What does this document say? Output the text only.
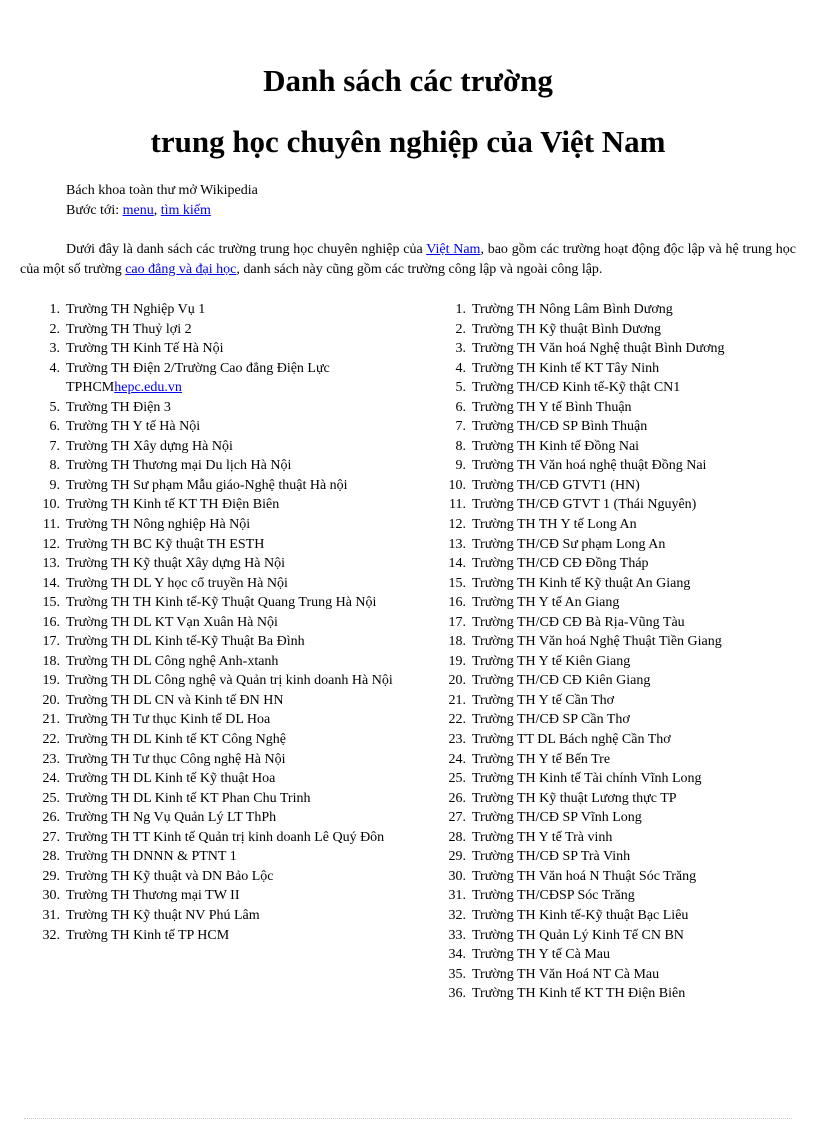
Danh sách các trường
trung học chuyên nghiệp của Việt Nam
Bách khoa toàn thư mở Wikipedia
Bước tới: menu, tìm kiếm

Dưới đây là danh sách các trường trung học chuyên nghiệp của Việt Nam, bao gồm các trường hoạt động độc lập và hệ trung học của một số trường cao đẳng và đại học, danh sách này cũng gồm các trường công lập và ngoài công lập.

1. Trường TH Nghiệp Vụ 1
2. Trường TH Thuỷ lợi 2
3. Trường TH Kinh Tế Hà Nội
4. Trường TH Điện 2/Trường Cao đẳng Điện Lực TPHCMhepc.edu.vn
5. Trường TH Điện 3
6. Trường TH Y tế Hà Nội
7. Trường TH Xây dựng Hà Nội
8. Trường TH Thương mại Du lịch Hà Nội
9. Trường TH Sư phạm Mẫu giáo-Nghệ thuật Hà nội
10. Trường TH Kinh tế KT TH Điện Biên
11. Trường TH Nông nghiệp Hà Nội
12. Trường TH BC Kỹ thuật TH ESTH
13. Trường TH Kỹ thuật Xây dựng Hà Nội
14. Trường TH DL Y học cổ truyền Hà Nội
15. Trường TH TH Kinh tế-Kỹ Thuật Quang Trung Hà Nội
16. Trường TH DL KT Vạn Xuân Hà Nội
17. Trường TH DL Kinh tế-Kỹ Thuật Ba Đình
18. Trường TH DL Công nghệ Anh-xtanh
19. Trường TH DL Công nghệ và Quản trị kinh doanh Hà Nội
20. Trường TH DL CN và Kinh tế ĐN HN
21. Trường TH Tư thục Kinh tế DL Hoa
22. Trường TH DL Kinh tế KT Công Nghệ
23. Trường TH Tư thục Công nghệ Hà Nội
24. Trường TH DL Kinh tế Kỹ thuật Hoa
25. Trường TH DL Kinh tế KT Phan Chu Trinh
26. Trường TH Ng Vụ Quản Lý LT ThPh
27. Trường TH TT Kinh tế Quản trị kinh doanh Lê Quý Đôn
28. Trường TH DNNN & PTNT 1
29. Trường TH Kỹ thuật và DN Bảo Lộc
30. Trường TH Thương mại TW II
31. Trường TH Kỹ thuật NV Phú Lâm
32. Trường TH Kinh tế TP HCM
1. Trường TH Nông Lâm Bình Dương
2. Trường TH Kỹ thuật Bình Dương
3. Trường TH Văn hoá Nghệ thuật Bình Dương
4. Trường TH Kinh tế KT Tây Ninh
5. Trường TH/CĐ Kinh tế-Kỹ thật CN1
6. Trường TH Y tế Bình Thuận
7. Trường TH/CĐ SP Bình Thuận
8. Trường TH Kinh tế Đồng Nai
9. Trường TH Văn hoá nghệ thuật Đồng Nai
10. Trường TH/CĐ GTVT1 (HN)
11. Trường TH/CĐ GTVT 1 (Thái Nguyên)
12. Trường TH TH Y tế Long An
13. Trường TH/CĐ Sư phạm Long An
14. Trường TH/CĐ CĐ Đồng Tháp
15. Trường TH Kinh tế Kỹ thuật An Giang
16. Trường TH Y tế An Giang
17. Trường TH/CĐ CĐ Bà Rịa-Vũng Tàu
18. Trường TH Văn hoá Nghệ Thuật Tiền Giang
19. Trường TH Y tế Kiên Giang
20. Trường TH/CĐ CĐ Kiên Giang
21. Trường TH Y tế Cần Thơ
22. Trường TH/CĐ SP Cần Thơ
23. Trường TT DL Bách nghệ Cần Thơ
24. Trường TH Y tế Bến Tre
25. Trường TH Kinh tế Tài chính Vĩnh Long
26. Trường TH Kỹ thuật Lương thực TP
27. Trường TH/CĐ SP Vĩnh Long
28. Trường TH Y tế Trà vinh
29. Trường TH/CĐ SP Trà Vinh
30. Trường TH Văn hoá N Thuật Sóc Trăng
31. Trường TH/CĐSP Sóc Trăng
32. Trường TH Kinh tế-Kỹ thuật Bạc Liêu
33. Trường TH Quản Lý Kinh Tế CN BN
34. Trường TH Y tế Cà Mau
35. Trường TH Văn Hoá NT Cà Mau
36. Trường TH Kinh tế KT TH Điện Biên
